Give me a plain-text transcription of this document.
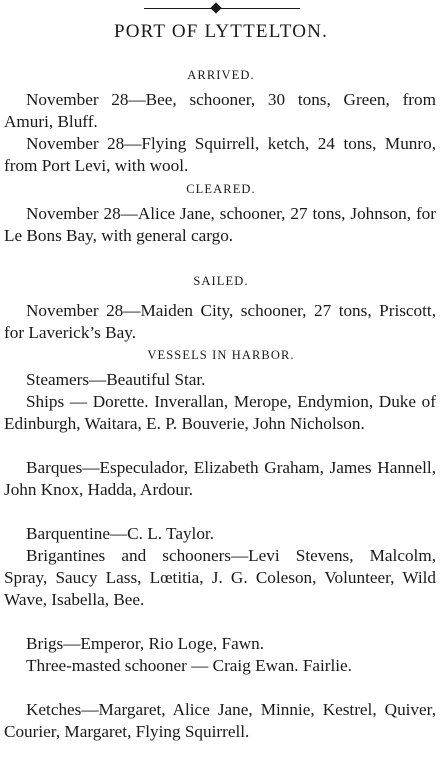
PORT OF LYTTELTON.
ARRIVED.

November 28—Bee, schooner, 30 tons, Green, from Amuri, Bluff.

November 28—Flying Squirrell, ketch, 24 tons, Munro, from Port Levi, with wool.

CLEARED.

November 28—Alice Jane, schooner, 27 tons, Johnson, for Le Bons Bay, with general cargo.

SAILED.

November 28—Maiden City, schooner, 27 tons, Priscott, for Laverick’s Bay.

VESSELS IN HARBOR.

Steamers—Beautiful Star.

Ships — Dorette. Inverallan, Merope, Endymion, Duke of Edinburgh, Waitara, E. P. Bouverie, John Nicholson.

Barques—Especulador, Elizabeth Graham, James Hannell, John Knox, Hadda, Ardour.

Barquentine—C. L. Taylor.

Brigantines and schooners—Levi Stevens, Malcolm, Spray, Saucy Lass, Lœtitia, J. G. Coleson, Volunteer, Wild Wave, Isabella, Bee.

Brigs—Emperor, Rio Loge, Fawn.

Three-masted schooner — Craig Ewan. Fairlie.

Ketches—Margaret, Alice Jane, Minnie, Kestrel, Quiver, Courier, Margaret, Flying Squirrell.
